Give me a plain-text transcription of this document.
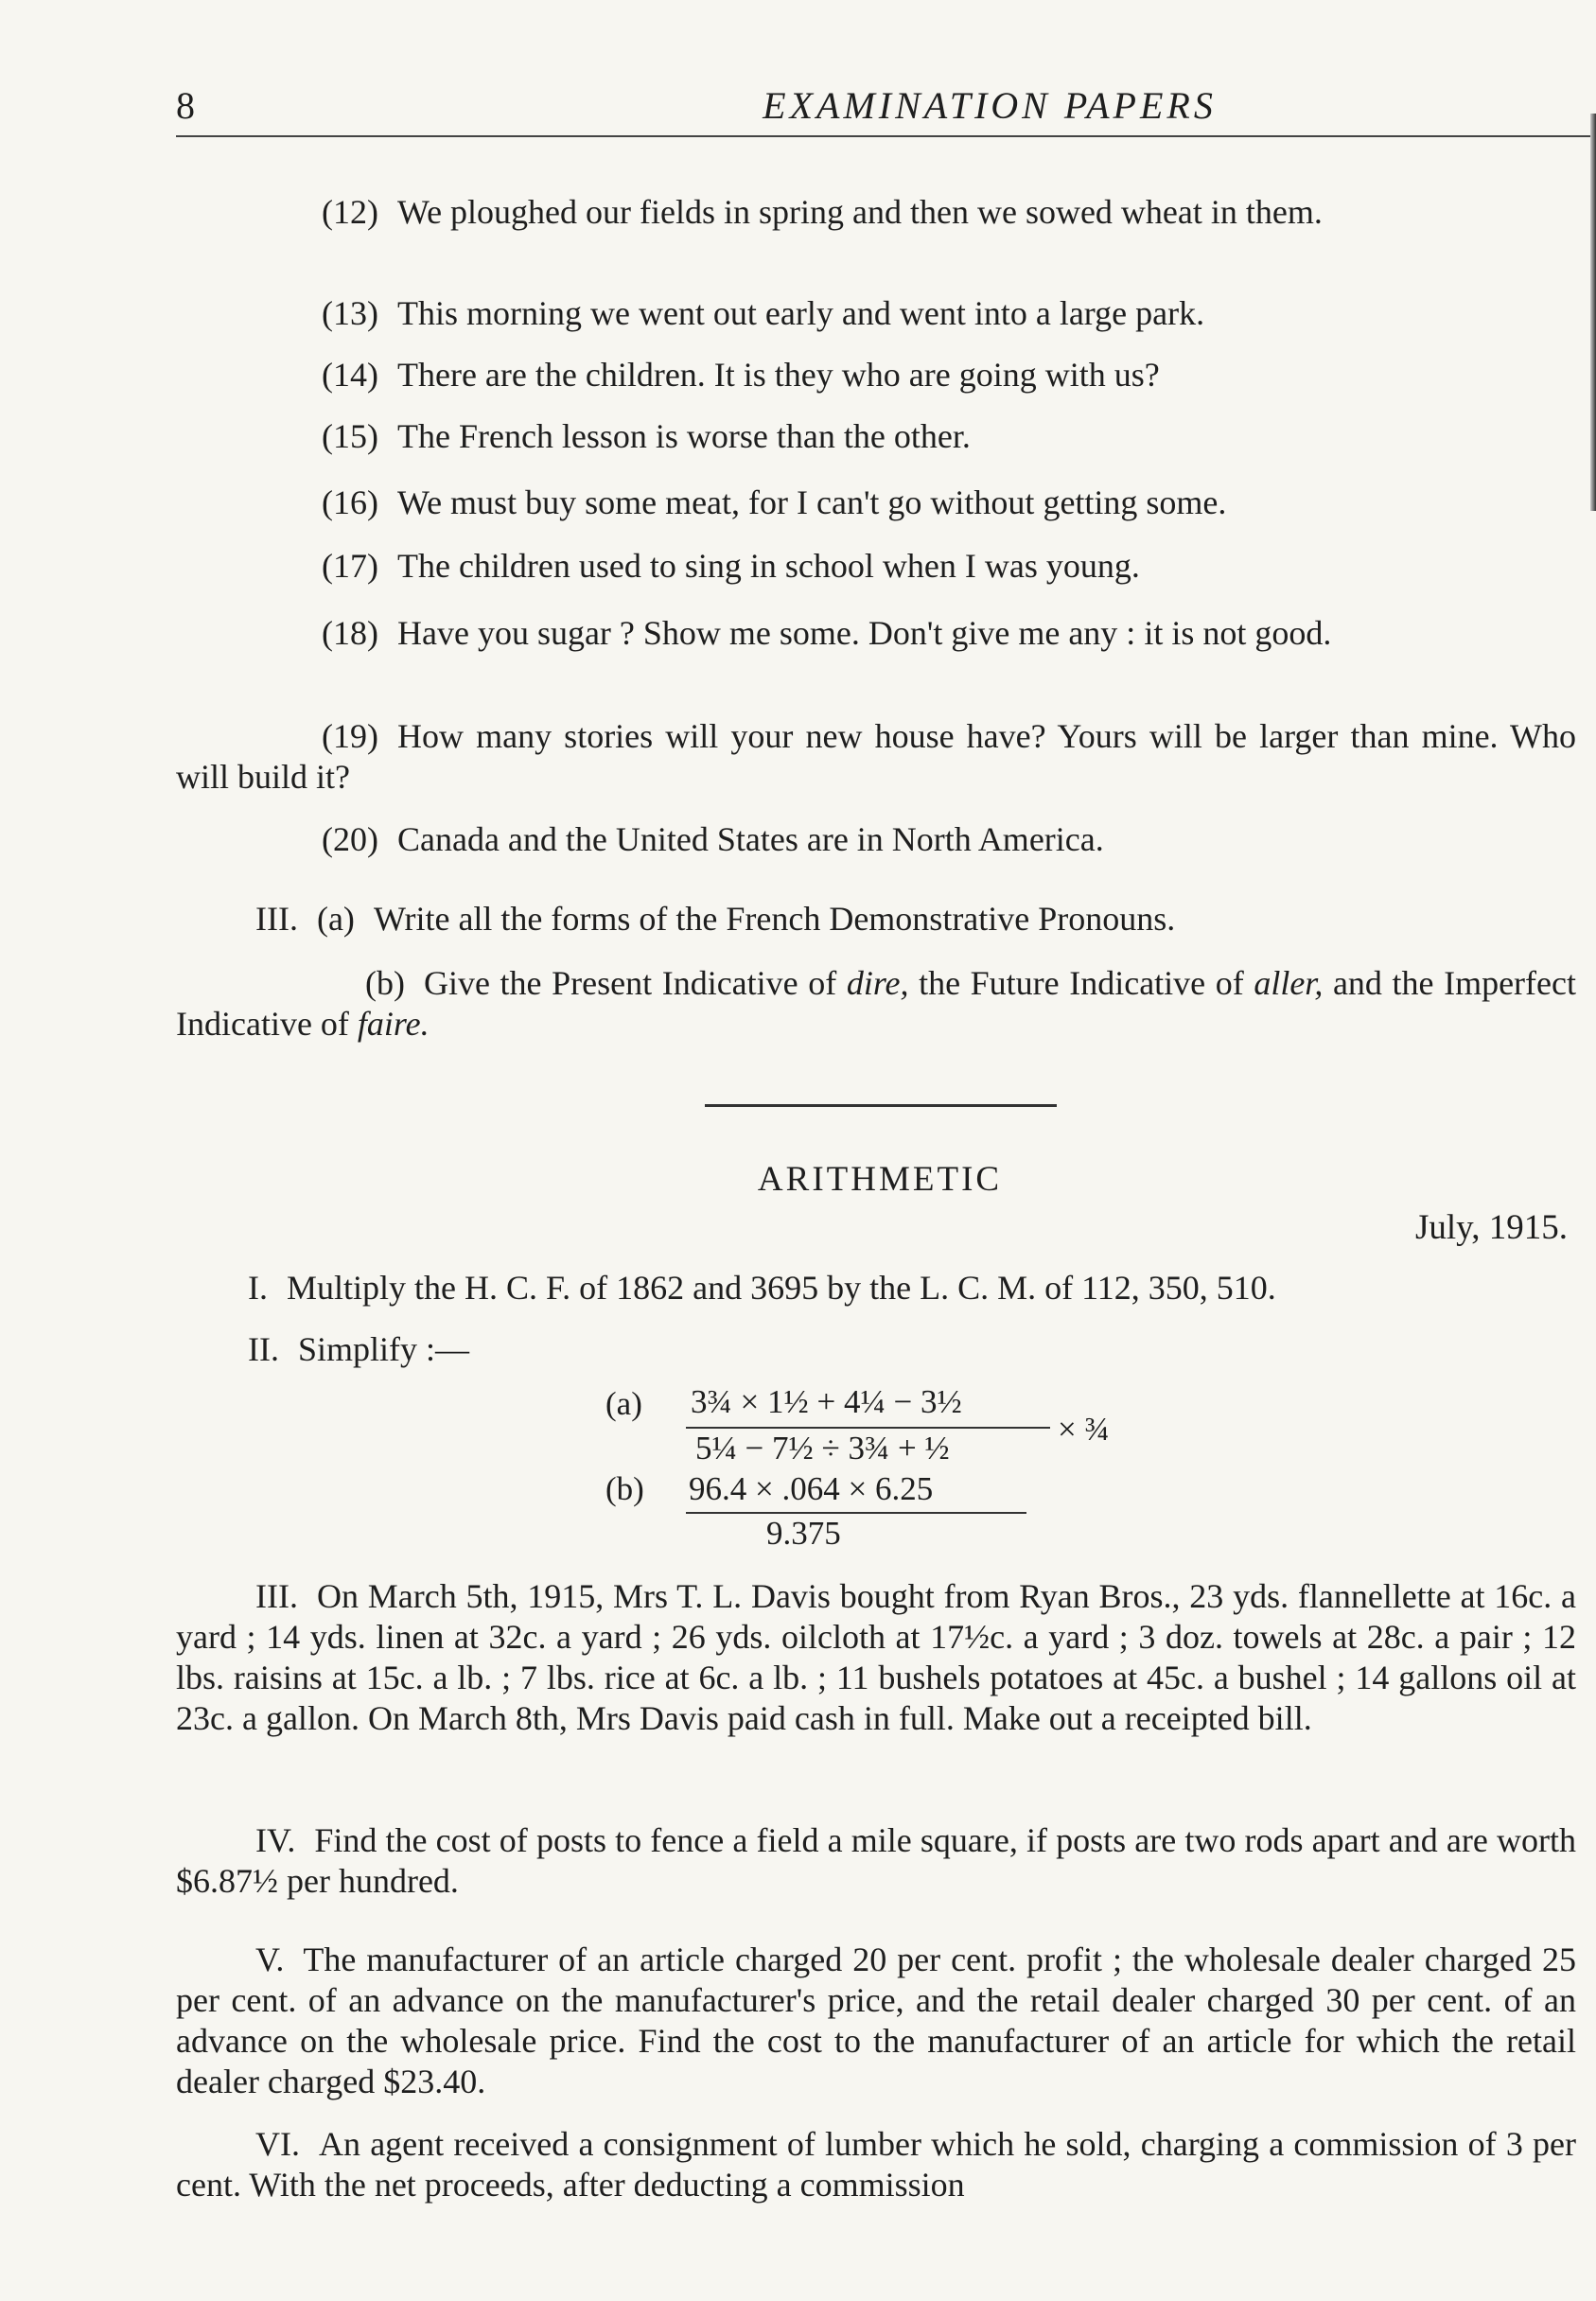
8	EXAMINATION PAPERS

(12) We ploughed our fields in spring and then we sowed wheat in them.

(13) This morning we went out early and went into a large park.

(14) There are the children. It is they who are going with us?

(15) The French lesson is worse than the other.

(16) We must buy some meat, for I can't go without getting some.

(17) The children used to sing in school when I was young.

(18) Have you sugar ? Show me some. Don't give me any : it is not good.

(19) How many stories will your new house have? Yours will be larger than mine. Who will build it?

(20) Canada and the United States are in North America.

III. (a) Write all the forms of the French Demonstrative Pronouns.

(b) Give the Present Indicative of dire, the Future Indicative of aller, and the Imperfect Indicative of faire.

ARITHMETIC
July, 1915.

I. Multiply the H. C. F. of 1862 and 3695 by the L. C. M. of 112, 350, 510.

II. Simplify :—

(a) 3¾ × 1½ + 4¼ − 3½
5¼ − 7½ ÷ 3¾ + ½
× ¾
(b) 96.4 × .064 × 6.25
9.375

III. On March 5th, 1915, Mrs T. L. Davis bought from Ryan Bros., 23 yds. flannellette at 16c. a yard ; 14 yds. linen at 32c. a yard ; 26 yds. oilcloth at 17½c. a yard ; 3 doz. towels at 28c. a pair ; 12 lbs. raisins at 15c. a lb. ; 7 lbs. rice at 6c. a lb. ; 11 bushels potatoes at 45c. a bushel ; 14 gallons oil at 23c. a gallon. On March 8th, Mrs Davis paid cash in full. Make out a receipted bill.

IV. Find the cost of posts to fence a field a mile square, if posts are two rods apart and are worth $6.87½ per hundred.

V. The manufacturer of an article charged 20 per cent. profit ; the wholesale dealer charged 25 per cent. of an advance on the manufacturer's price, and the retail dealer charged 30 per cent. of an advance on the wholesale price. Find the cost to the manufacturer of an article for which the retail dealer charged $23.40.

VI. An agent received a consignment of lumber which he sold, charging a commission of 3 per cent. With the net proceeds, after deducting a commission
